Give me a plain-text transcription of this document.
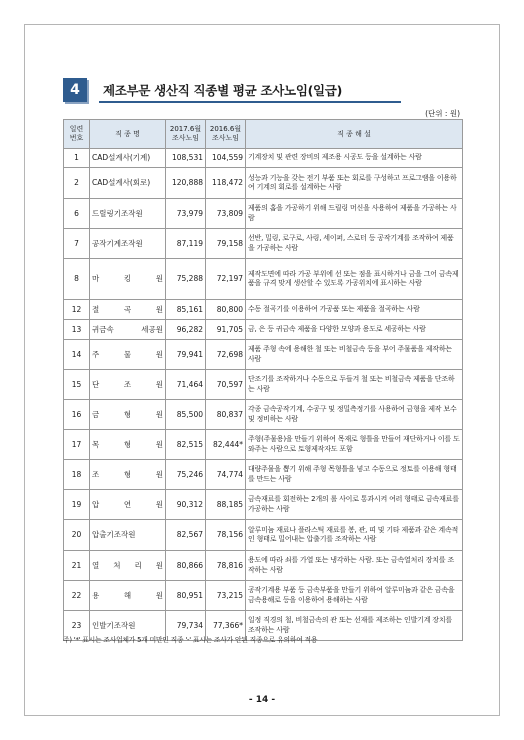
4	제조부문 생산직 직종별 평균 조사노임(일급)
(단위 : 원)
일련 번호	직 종 명	2017.6월 조사노임	2016.6월 조사노임	직 종 해 설
1	CAD설계사(기계)	108,531	104,559	기계장치 및 관련 장비의 제조용 시공도 등을 설계하는 사람
2	CAD설계사(회로)	120,888	118,472	성능과 기능을 갖는 전기 부품 또는 회로를 구성하고 프로그램을 이용하여 기계의 회로를 설계하는 사람
6	드릴링기조작원	73,979	73,809	제품의 홈을 가공하기 위해 드릴링 머신을 사용하여 제품을 가공하는 사람
7	공작기계조작원	87,119	79,158	선반, 밀링, 로구로, 사링, 세이퍼, 스로터 등 공작기계를 조작하여 제품을 가공하는 사람
8	마 킹 원	75,288	72,197	제작도면에 따라 가공 부위에 선 또는 점을 표시하거나 금을 그어 금속제품을 규격 맞게 생산할 수 있도록 가공위치에 표시하는 사람
12	절 곡 원	85,161	80,800	수동 절곡기를 이용하여 가공품 또는 제품을 절곡하는 사람
13	귀금속 세공원	96,282	91,705	금, 은 등 귀금속 제품을 다양한 모양과 용도로 세공하는 사람
14	주 물 원	79,941	72,698	제품 주형 속에 용해한 철 또는 비철금속 등을 부어 주물품을 제작하는 사람
15	단 조 원	71,464	70,597	단조기를 조작하거나 수동으로 두들겨 철 또는 비철금속 제품을 단조하는 사람
16	금 형 원	85,500	80,837	각종 금속공작기계, 수공구 및 정밀측정기를 사용하여 금형을 제작 보수 및 정비하는 사람
17	목 형 원	82,515	82,444*	주형(주물용)을 만들기 위하여 목재로 형틀을 만들어 재단하거나 이를 도와주는 사람으로 토형제작자도 포함
18	조 형 원	75,246	74,774	대량주물을 뽑기 위해 주형 목형틀을 넣고 수동으로 정토를 이용해 형태를 만드는 사람
19	압 연 원	90,312	88,185	금속재료를 회전하는 2개의 롤 사이로 통과시켜 여러 형태로 금속재료를 가공하는 사람
20	압출기조작원	82,567	78,156	알루미늄 재료나 플라스틱 재료를 봉, 관, 띠 및 기타 제품과 같은 계속적인 형태로 밀어내는 압출기를 조작하는 사람
21	열 처 리 원	80,866	78,816	용도에 따라 쇠를 가열 또는 냉각하는 사람. 또는 금속열처리 장치를 조작하는 사람
22	용 해 원	80,951	73,215	공작기계용 부품 등 금속부품을 만들기 위하여 알루미늄과 같은 금속을 금속용해로 등을 이용하여 용해하는 사람
23	인발기조작원	79,734	77,366*	일정 직경의 철, 비철금속의 관 또는 선재를 제조하는 인발기계 장치를 조작하는 사람
주) '*' 표시는 조사업체가 5개 미만인 직종 '-' 표시는 조사가 안된 직종으로 유의하여 적용
- 14 -
